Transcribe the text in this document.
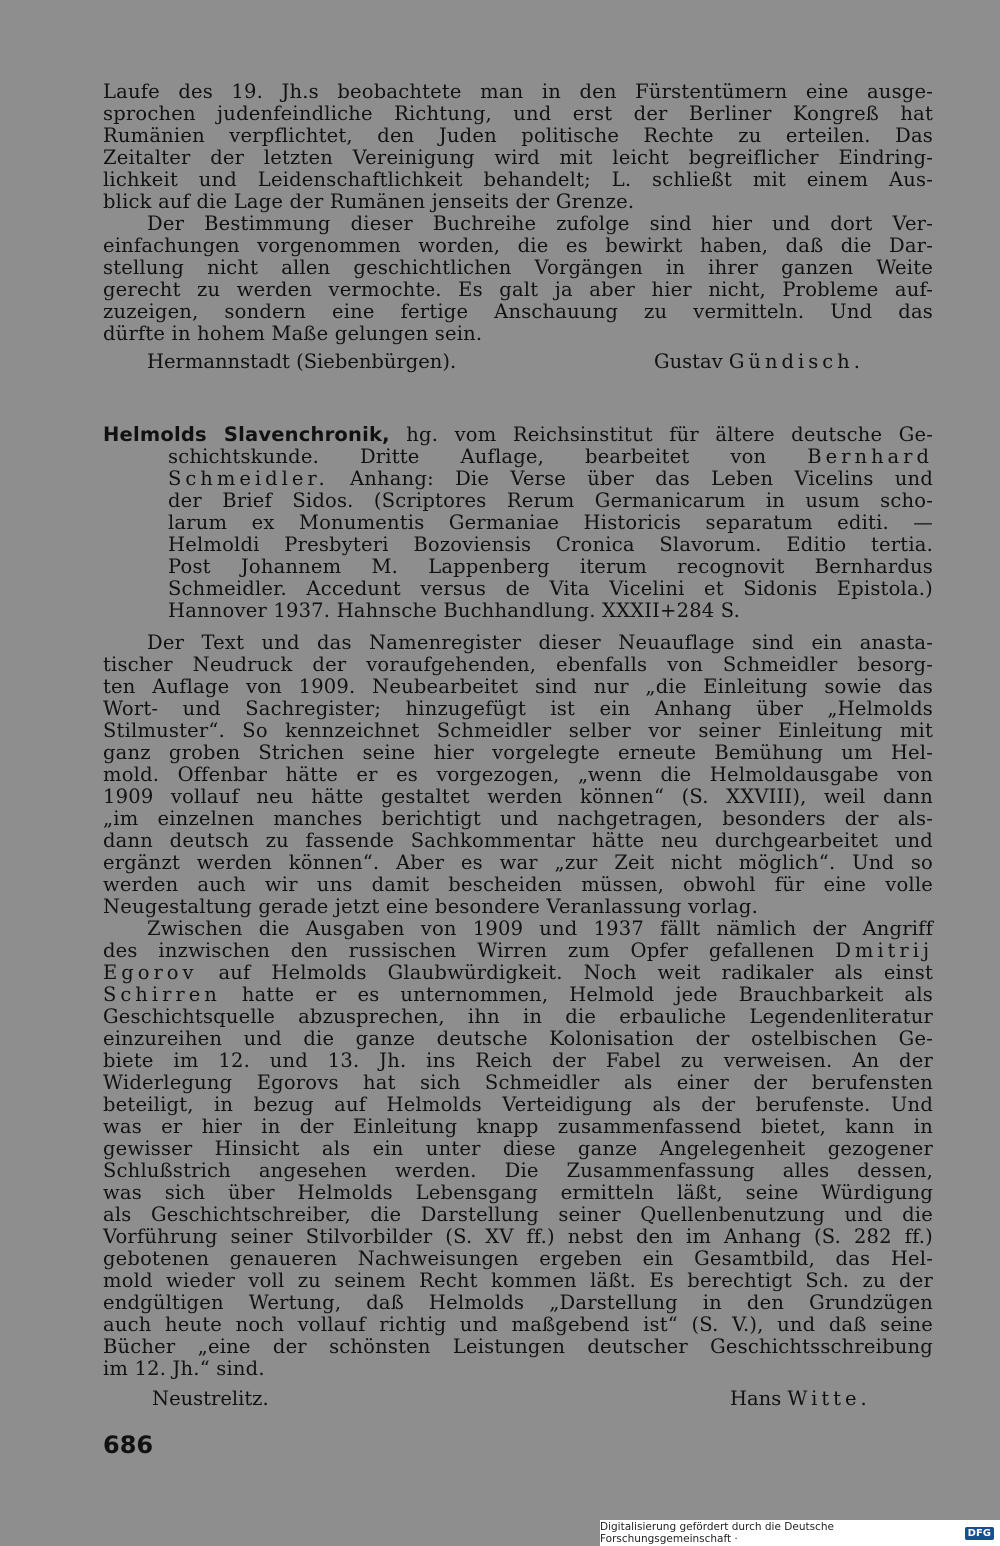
Laufe des 19. Jh.s beobachtete man in den Fürstentümern eine ausge-
sprochen judenfeindliche Richtung, und erst der Berliner Kongreß hat
Rumänien verpflichtet, den Juden politische Rechte zu erteilen. Das
Zeitalter der letzten Vereinigung wird mit leicht begreiflicher Eindring-
lichkeit und Leidenschaftlichkeit behandelt; L. schließt mit einem Aus-
blick auf die Lage der Rumänen jenseits der Grenze.
Der Bestimmung dieser Buchreihe zufolge sind hier und dort Ver-
einfachungen vorgenommen worden, die es bewirkt haben, daß die Dar-
stellung nicht allen geschichtlichen Vorgängen in ihrer ganzen Weite
gerecht zu werden vermochte. Es galt ja aber hier nicht, Probleme auf-
zuzeigen, sondern eine fertige Anschauung zu vermitteln. Und das
dürfte in hohem Maße gelungen sein.
Hermannstadt (Siebenbürgen).	Gustav Gündisch.
Helmolds Slavenchronik, hg. vom Reichsinstitut für ältere deutsche Ge-
schichtskunde. Dritte Auflage, bearbeitet von Bernhard
Schmeidler. Anhang: Die Verse über das Leben Vicelins und
der Brief Sidos. (Scriptores Rerum Germanicarum in usum scho-
larum ex Monumentis Germaniae Historicis separatum editi. —
Helmoldi Presbyteri Bozoviensis Cronica Slavorum. Editio tertia.
Post Johannem M. Lappenberg iterum recognovit Bernhardus
Schmeidler. Accedunt versus de Vita Vicelini et Sidonis Epistola.)
Hannover 1937. Hahnsche Buchhandlung. XXXII+284 S.
Der Text und das Namenregister dieser Neuauflage sind ein anasta-
tischer Neudruck der voraufgehenden, ebenfalls von Schmeidler besorg-
ten Auflage von 1909. Neubearbeitet sind nur „die Einleitung sowie das
Wort- und Sachregister; hinzugefügt ist ein Anhang über „Helmolds
Stilmuster“. So kennzeichnet Schmeidler selber vor seiner Einleitung mit
ganz groben Strichen seine hier vorgelegte erneute Bemühung um Hel-
mold. Offenbar hätte er es vorgezogen, „wenn die Helmoldausgabe von
1909 vollauf neu hätte gestaltet werden können“ (S. XXVIII), weil dann
„im einzelnen manches berichtigt und nachgetragen, besonders der als-
dann deutsch zu fassende Sachkommentar hätte neu durchgearbeitet und
ergänzt werden können“. Aber es war „zur Zeit nicht möglich“. Und so
werden auch wir uns damit bescheiden müssen, obwohl für eine volle
Neugestaltung gerade jetzt eine besondere Veranlassung vorlag.
Zwischen die Ausgaben von 1909 und 1937 fällt nämlich der Angriff
des inzwischen den russischen Wirren zum Opfer gefallenen Dmitrij
Egorov auf Helmolds Glaubwürdigkeit. Noch weit radikaler als einst
Schirren hatte er es unternommen, Helmold jede Brauchbarkeit als
Geschichtsquelle abzusprechen, ihn in die erbauliche Legendenliteratur
einzureihen und die ganze deutsche Kolonisation der ostelbischen Ge-
biete im 12. und 13. Jh. ins Reich der Fabel zu verweisen. An der
Widerlegung Egorovs hat sich Schmeidler als einer der berufensten
beteiligt, in bezug auf Helmolds Verteidigung als der berufenste. Und
was er hier in der Einleitung knapp zusammenfassend bietet, kann in
gewisser Hinsicht als ein unter diese ganze Angelegenheit gezogener
Schlußstrich angesehen werden. Die Zusammenfassung alles dessen,
was sich über Helmolds Lebensgang ermitteln läßt, seine Würdigung
als Geschichtschreiber, die Darstellung seiner Quellenbenutzung und die
Vorführung seiner Stilvorbilder (S. XV ff.) nebst den im Anhang (S. 282 ff.)
gebotenen genaueren Nachweisungen ergeben ein Gesamtbild, das Hel-
mold wieder voll zu seinem Recht kommen läßt. Es berechtigt Sch. zu der
endgültigen Wertung, daß Helmolds „Darstellung in den Grundzügen
auch heute noch vollauf richtig und maßgebend ist“ (S. V.), und daß seine
Bücher „eine der schönsten Leistungen deutscher Geschichtsschreibung
im 12. Jh.“ sind.
Neustrelitz.	Hans Witte.
686
Digitalisierung gefördert durch die Deutsche Forschungsgemeinschaft ·	DFG
